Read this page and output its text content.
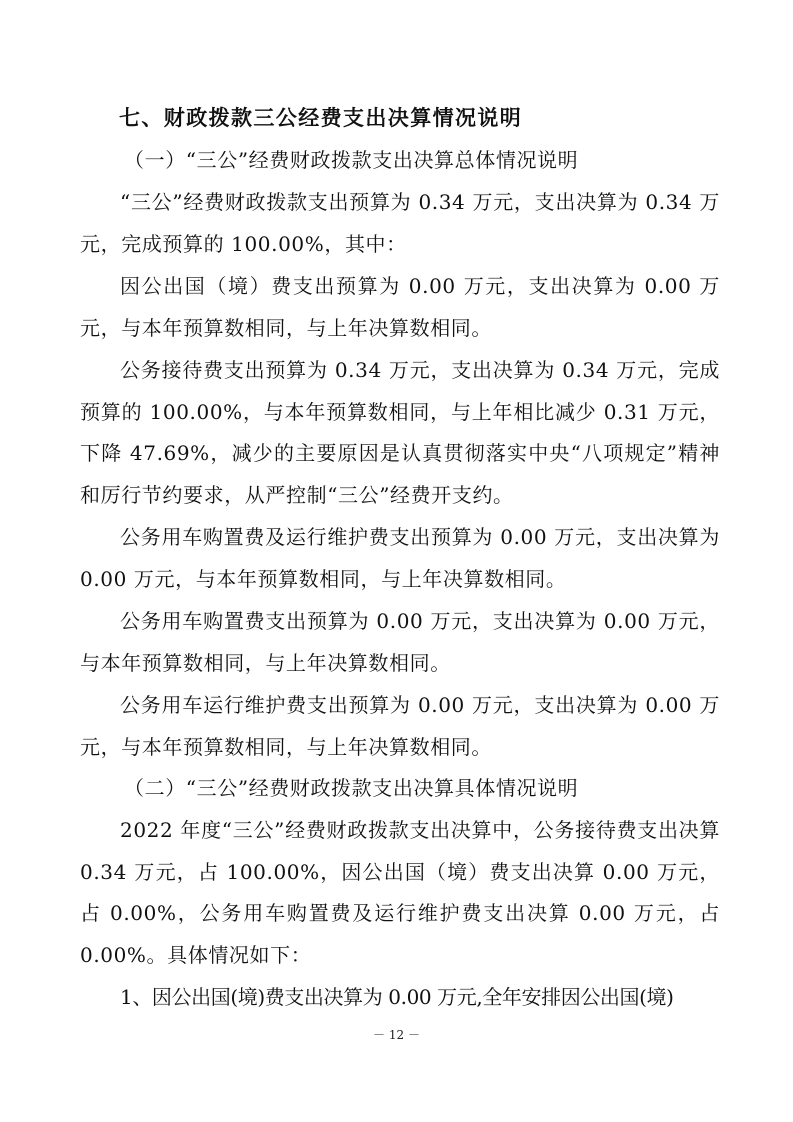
七、财政拨款三公经费支出决算情况说明
（一）“三公”经费财政拨款支出决算总体情况说明
“三公”经费财政拨款支出预算为 0.34 万元，支出决算为 0.34 万元，完成预算的 100.00%，其中：
因公出国（境）费支出预算为 0.00 万元，支出决算为 0.00 万元，与本年预算数相同，与上年决算数相同。
公务接待费支出预算为 0.34 万元，支出决算为 0.34 万元，完成预算的 100.00%，与本年预算数相同，与上年相比减少 0.31 万元，下降 47.69%，减少的主要原因是认真贯彻落实中央“八项规定”精神和厉行节约要求，从严控制“三公”经费开支约。
公务用车购置费及运行维护费支出预算为 0.00 万元，支出决算为 0.00 万元，与本年预算数相同，与上年决算数相同。
公务用车购置费支出预算为 0.00 万元，支出决算为 0.00 万元，与本年预算数相同，与上年决算数相同。
公务用车运行维护费支出预算为 0.00 万元，支出决算为 0.00 万元，与本年预算数相同，与上年决算数相同。
（二）“三公”经费财政拨款支出决算具体情况说明
2022 年度“三公”经费财政拨款支出决算中，公务接待费支出决算 0.34 万元，占 100.00%，因公出国（境）费支出决算 0.00 万元，占 0.00%，公务用车购置费及运行维护费支出决算 0.00 万元，占 0.00%。具体情况如下：
1、因公出国(境)费支出决算为 0.00 万元,全年安排因公出国(境)
－ 12 －
